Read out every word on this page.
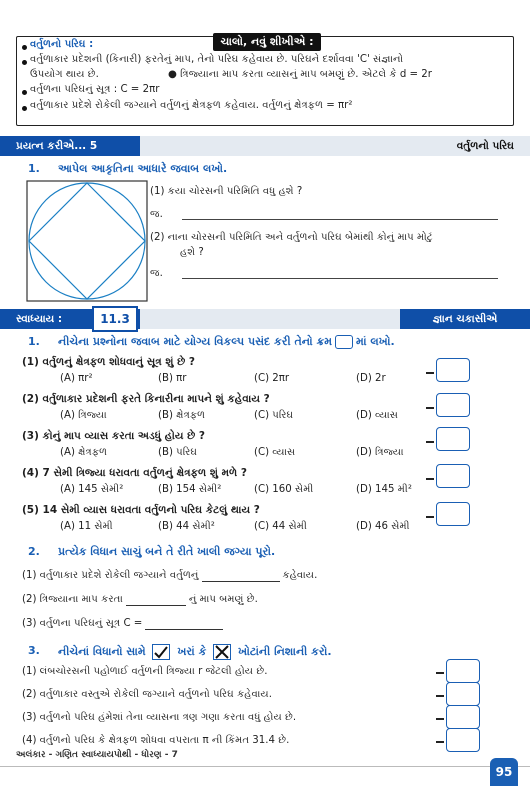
ચાલો, નવું શીખીએ :
વર્તુળનો પરિઘ :
વર્તુળાકાર પ્રદેશની (કિનારી) ફરતેનું માપ, તેનો પરિઘ કહેવાય છે. પરિઘને દર્શાવવા 'C' સંજ્ઞાનો
ઉપયોગ થાય છે.	● ત્રિજ્યાના માપ કરતા વ્યાસનું માપ બમણું છે. એટલે કે d = 2r
વર્તુળના પરિઘનું સૂત્ર : C = 2πr
વર્તુળાકાર પ્રદેશે રોકેલી જગ્યાને વર્તુળનું ક્ષેત્રફળ કહેવાય. વર્તુળનું ક્ષેત્રફળ = πr²
પ્રયત્ન કરીએ... 5	વર્તુળનો પરિઘ
1. આપેલ આકૃતિના આધારે જવાબ લખો.
(1) કયા ચોરસની પરિમિતિ વધુ હશે ?
જ.
(2) નાના ચોરસની પરિમિતિ અને વર્તુળનો પરિઘ બેમાંથી કોનું માપ મોટું
હશે ?
જ.
સ્વાધ્યાય :	11.3	જ્ઞાન ચકાસીએ
1. નીચેના પ્રશ્નોના જવાબ માટે યોગ્ય વિકલ્પ પસંદ કરી તેનો ક્રમ માં લખો.
(1) વર્તુળનું ક્ષેત્રફળ શોધવાનું સૂત્ર શું છે ?
(A) πr²	(B) πr	(C) 2πr	(D) 2r
(2) વર્તુળાકાર પ્રદેશની ફરતે કિનારીના માપને શું કહેવાય ?
(A) ત્રિજ્યા	(B) ક્ષેત્રફળ	(C) પરિઘ	(D) વ્યાસ
(3) કોનું માપ વ્યાસ કરતા અડધું હોય છે ?
(A) ક્ષેત્રફળ	(B) પરિઘ	(C) વ્યાસ	(D) ત્રિજ્યા
(4) 7 સેમી ત્રિજ્યા ધરાવતા વર્તુળનું ક્ષેત્રફળ શું મળે ?
(A) 145 સેમી²	(B) 154 સેમી²	(C) 160 સેમી	(D) 145 મી²
(5) 14 સેમી વ્યાસ ધરાવતા વર્તુળનો પરિઘ કેટલું થાય ?
(A) 11 સેમી	(B) 44 સેમી²	(C) 44 સેમી	(D) 46 સેમી
2. પ્રત્યેક વિધાન સાચું બને તે રીતે ખાલી જગ્યા પૂરો.
(1) વર્તુળાકાર પ્રદેશે રોકેલી જગ્યાને વર્તુળનું	કહેવાય.
(2) ત્રિજ્યાના માપ કરતા	નું માપ બમણું છે.
(3) વર્તુળના પરિઘનું સૂત્ર C =
3. નીચેનાં વિધાનો સામે	ખરાં કે	ખોટાંની નિશાની કરો.
(1) લંબચોરસની પહોળાઈ વર્તુળની ત્રિજ્યા r જેટલી હોય છે.
(2) વર્તુળાકાર વસ્તુએ રોકેલી જગ્યાને વર્તુળનો પરિઘ કહેવાય.
(3) વર્તુળનો પરિઘ હંમેશાં તેના વ્યાસના ત્રણ ગણા કરતા વધું હોય છે.
(4) વર્તુળનો પરિઘ કે ક્ષેત્રફળ શોધવા વપરાતા π ની કિંમત 31.4 છે.
અલંકાર - ગણિત સ્વાધ્યાયપોથી - ધોરણ - 7
95
